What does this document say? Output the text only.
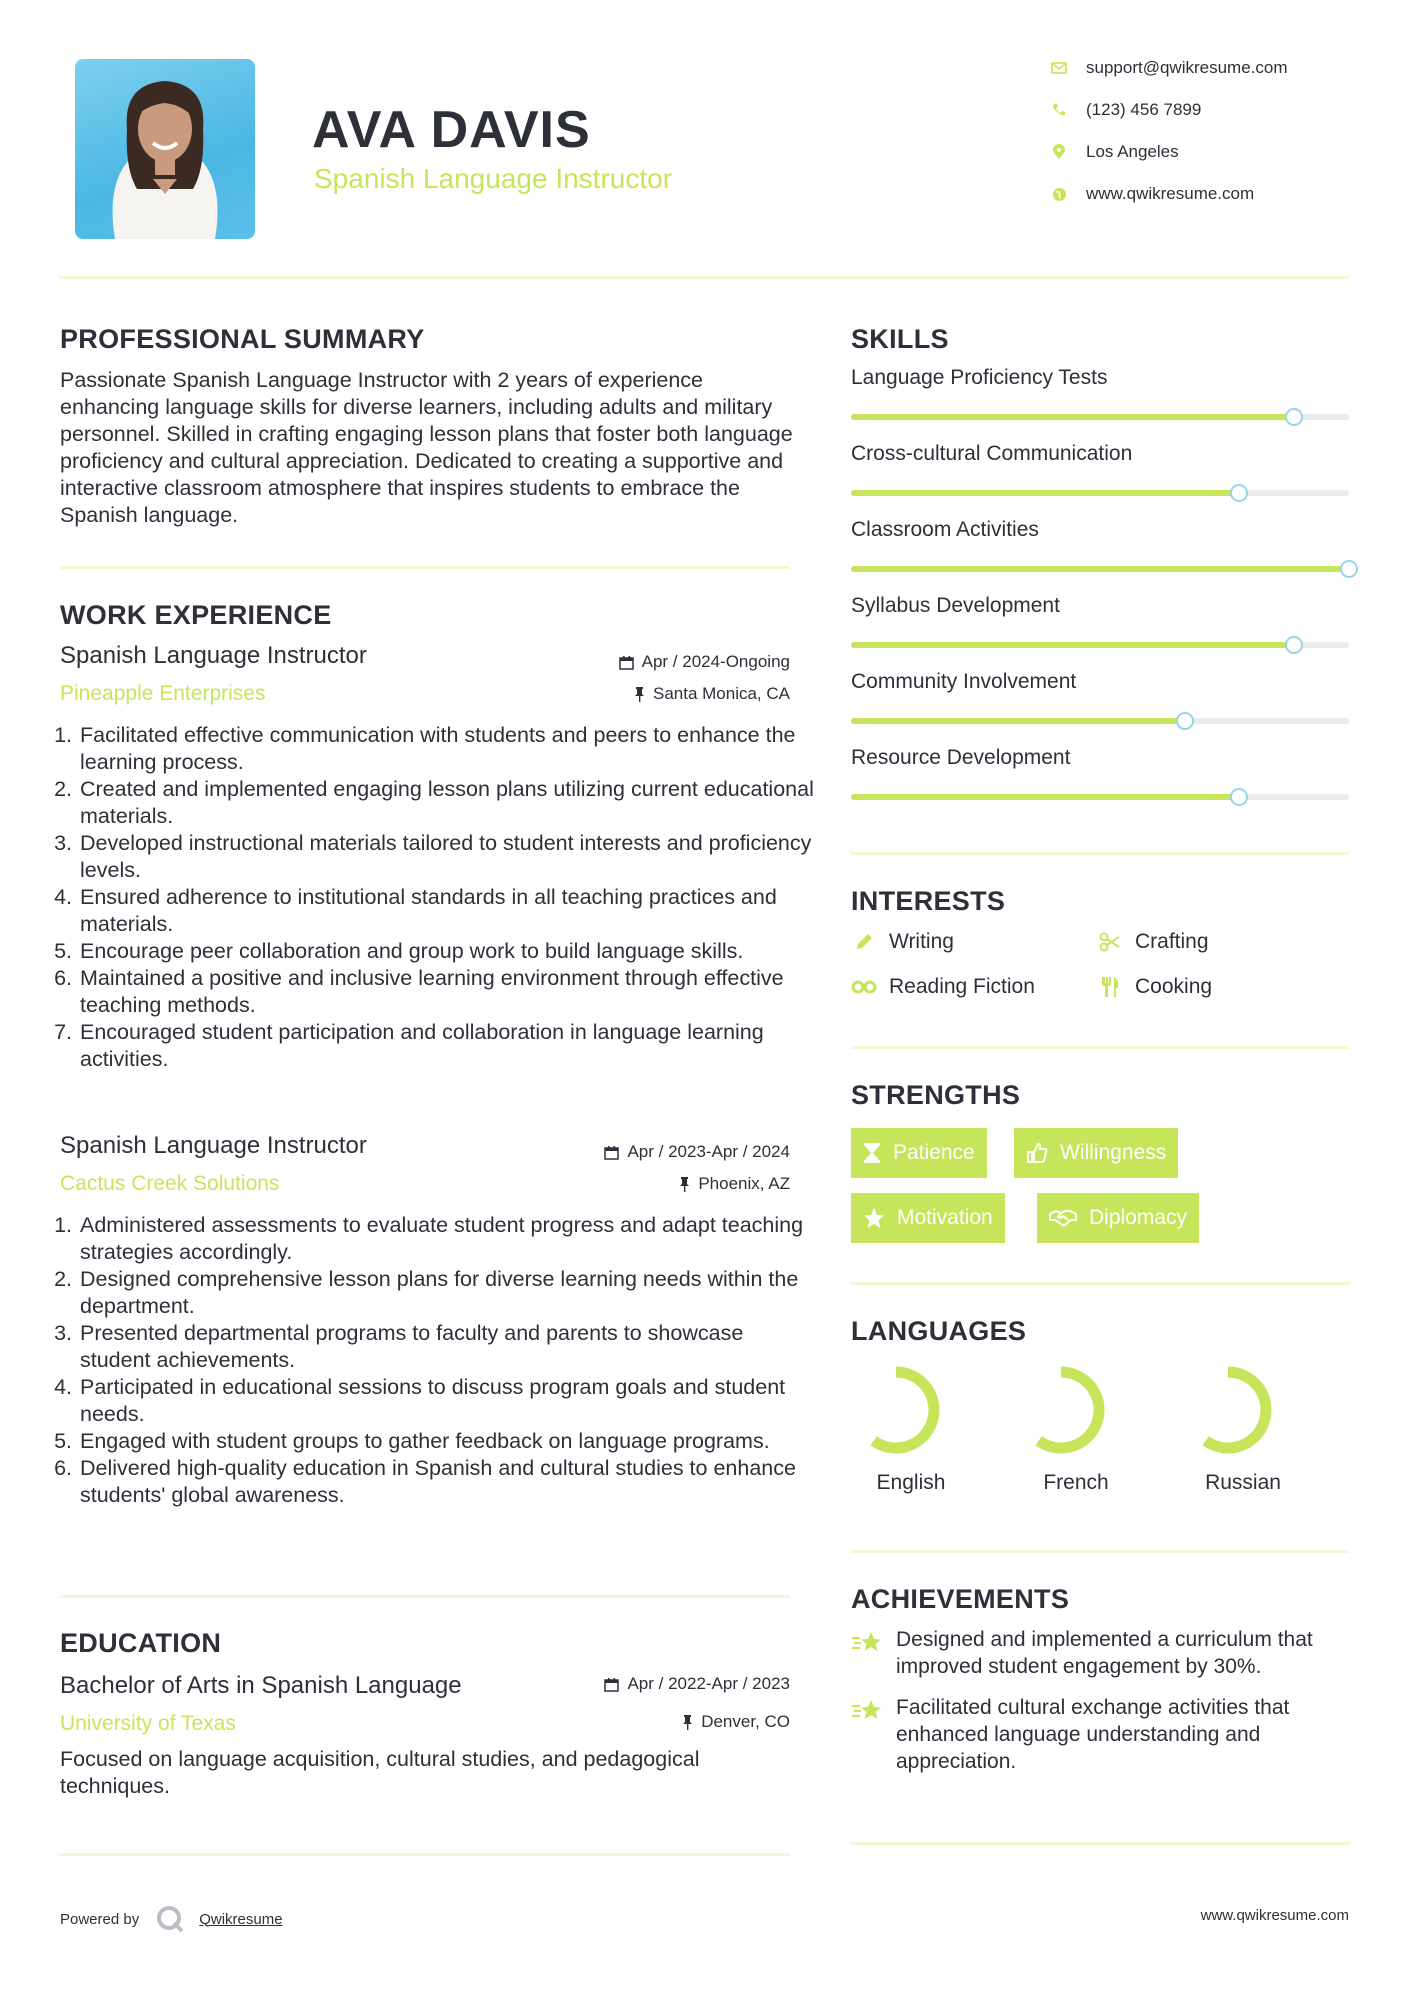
AVA DAVIS
Spanish Language Instructor
support@qwikresume.com
(123) 456 7899
Los Angeles
www.qwikresume.com
PROFESSIONAL SUMMARY
Passionate Spanish Language Instructor with 2 years of experience enhancing language skills for diverse learners, including adults and military personnel. Skilled in crafting engaging lesson plans that foster both language proficiency and cultural appreciation. Dedicated to creating a supportive and interactive classroom atmosphere that inspires students to embrace the Spanish language.
WORK EXPERIENCE
Spanish Language Instructor	Apr / 2024-Ongoing
Pineapple Enterprises	Santa Monica, CA
1. Facilitated effective communication with students and peers to enhance the learning process.
2. Created and implemented engaging lesson plans utilizing current educational materials.
3. Developed instructional materials tailored to student interests and proficiency levels.
4. Ensured adherence to institutional standards in all teaching practices and materials.
5. Encourage peer collaboration and group work to build language skills.
6. Maintained a positive and inclusive learning environment through effective teaching methods.
7. Encouraged student participation and collaboration in language learning activities.
Spanish Language Instructor	Apr / 2023-Apr / 2024
Cactus Creek Solutions	Phoenix, AZ
1. Administered assessments to evaluate student progress and adapt teaching strategies accordingly.
2. Designed comprehensive lesson plans for diverse learning needs within the department.
3. Presented departmental programs to faculty and parents to showcase student achievements.
4. Participated in educational sessions to discuss program goals and student needs.
5. Engaged with student groups to gather feedback on language programs.
6. Delivered high-quality education in Spanish and cultural studies to enhance students' global awareness.
EDUCATION
Bachelor of Arts in Spanish Language	Apr / 2022-Apr / 2023
University of Texas	Denver, CO
Focused on language acquisition, cultural studies, and pedagogical techniques.
SKILLS
Language Proficiency Tests
Cross-cultural Communication
Classroom Activities
Syllabus Development
Community Involvement
Resource Development
INTERESTS
Writing	Crafting
Reading Fiction	Cooking
STRENGTHS
Patience	Willingness
Motivation	Diplomacy
LANGUAGES
English	French	Russian
ACHIEVEMENTS
Designed and implemented a curriculum that improved student engagement by 30%.
Facilitated cultural exchange activities that enhanced language understanding and appreciation.
Powered by	Qwikresume	www.qwikresume.com
